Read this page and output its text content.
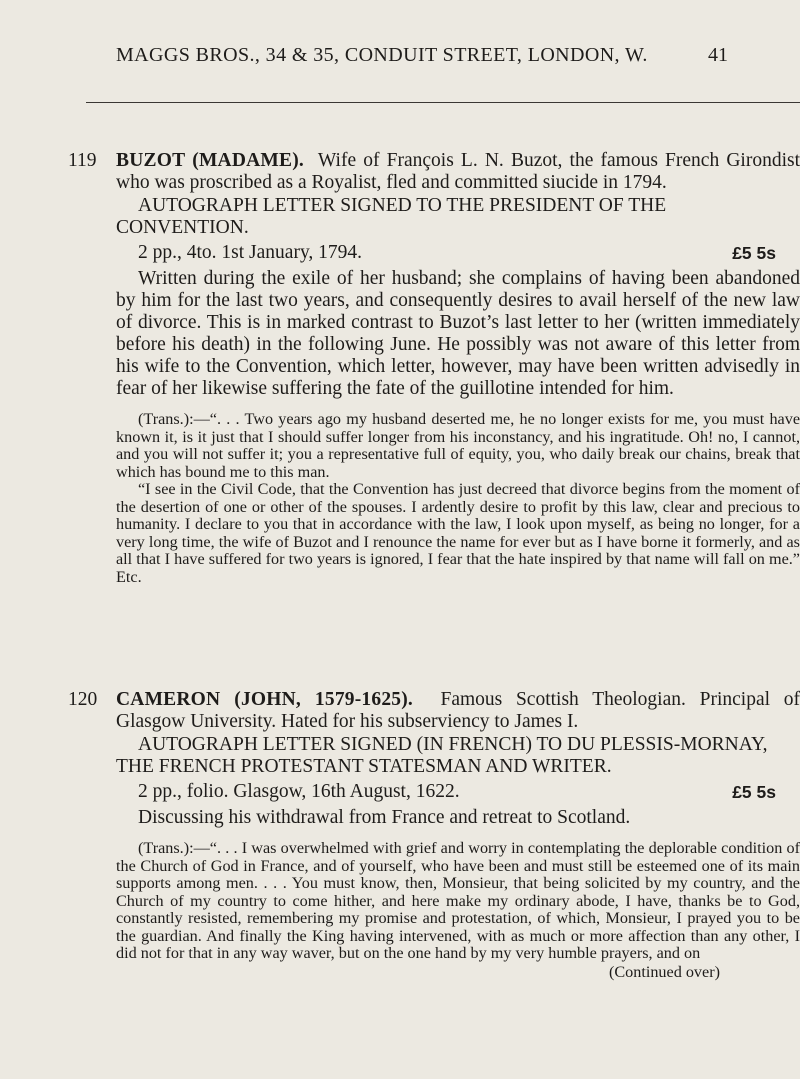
MAGGS BROS., 34 & 35, CONDUIT STREET, LONDON, W.	41
119 BUZOT (MADAME). Wife of François L. N. Buzot, the famous French Girondist who was proscribed as a Royalist, fled and committed siucide in 1794.
AUTOGRAPH LETTER SIGNED TO THE PRESIDENT OF THE CONVENTION.
2 pp., 4to. 1st January, 1794.	£5 5s
Written during the exile of her husband; she complains of having been abandoned by him for the last two years, and consequently desires to avail herself of the new law of divorce. This is in marked contrast to Buzot’s last letter to her (written immediately before his death) in the following June. He possibly was not aware of this letter from his wife to the Convention, which letter, however, may have been written advisedly in fear of her likewise suffering the fate of the guillotine intended for him.

(Trans.):—“. . . Two years ago my husband deserted me, he no longer exists for me, you must have known it, is it just that I should suffer longer from his inconstancy, and his ingratitude. Oh! no, I cannot, and you will not suffer it; you a representative full of equity, you, who daily break our chains, break that which has bound me to this man.

“I see in the Civil Code, that the Convention has just decreed that divorce begins from the moment of the desertion of one or other of the spouses. I ardently desire to profit by this law, clear and precious to humanity. I declare to you that in accordance with the law, I look upon myself, as being no longer, for a very long time, the wife of Buzot and I renounce the name for ever but as I have borne it formerly, and as all that I have suffered for two years is ignored, I fear that the hate inspired by that name will fall on me.” Etc.

120 CAMERON (JOHN, 1579-1625). Famous Scottish Theologian. Principal of Glasgow University. Hated for his subserviency to James I.
AUTOGRAPH LETTER SIGNED (IN FRENCH) TO DU PLESSIS-MORNAY, THE FRENCH PROTESTANT STATESMAN AND WRITER.
2 pp., folio. Glasgow, 16th August, 1622.	£5 5s
Discussing his withdrawal from France and retreat to Scotland.

(Trans.):—“. . . I was overwhelmed with grief and worry in contemplating the deplorable condition of the Church of God in France, and of yourself, who have been and must still be esteemed one of its main supports among men. . . . You must know, then, Monsieur, that being solicited by my country, and the Church of my country to come hither, and here make my ordinary abode, I have, thanks be to God, constantly resisted, remembering my promise and protestation, of which, Monsieur, I prayed you to be the guardian. And finally the King having intervened, with as much or more affection than any other, I did not for that in any way waver, but on the one hand by my very humble prayers, and on

(Continued over)
